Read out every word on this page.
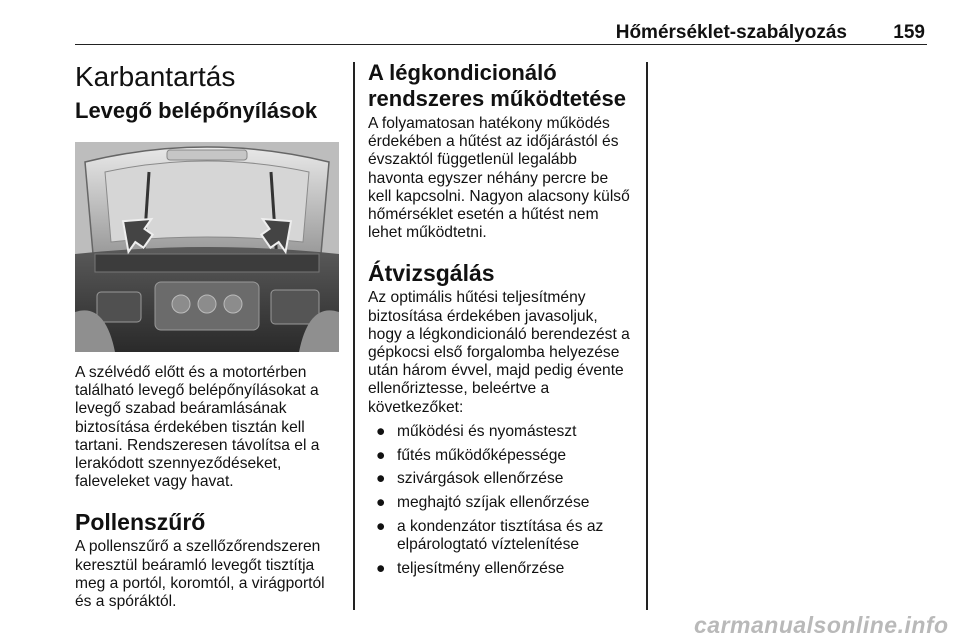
Hőmérséklet-szabályozás 159
Karbantartás
Levegő belépőnyílások

A szélvédő előtt és a motortérben található levegő belépőnyílásokat a levegő szabad beáramlásának biztosítása érdekében tisztán kell tartani. Rendszeresen távolítsa el a lerakódott szennyeződéseket, faleveleket vagy havat.

Pollenszűrő

A pollenszűrő a szellőzőrendszeren keresztül beáramló levegőt tisztítja meg a portól, koromtól, a virágportól és a spóráktól.

A légkondicionáló rendszeres működtetése

A folyamatosan hatékony működés érdekében a hűtést az időjárástól és évszaktól függetlenül legalább havonta egyszer néhány percre be kell kapcsolni. Nagyon alacsony külső hőmérséklet esetén a hűtést nem lehet működtetni.

Átvizsgálás

Az optimális hűtési teljesítmény biztosítása érdekében javasoljuk, hogy a légkondicionáló berendezést a gépkocsi első forgalomba helyezése után három évvel, majd pedig évente ellenőriztesse, beleértve a következőket:

● működési és nyomásteszt
● fűtés működőképessége
● szivárgások ellenőrzése
● meghajtó szíjak ellenőrzése
● a kondenzátor tisztítása és az elpárologtató víztelenítése
● teljesítmény ellenőrzése
carmanualsonline.info
